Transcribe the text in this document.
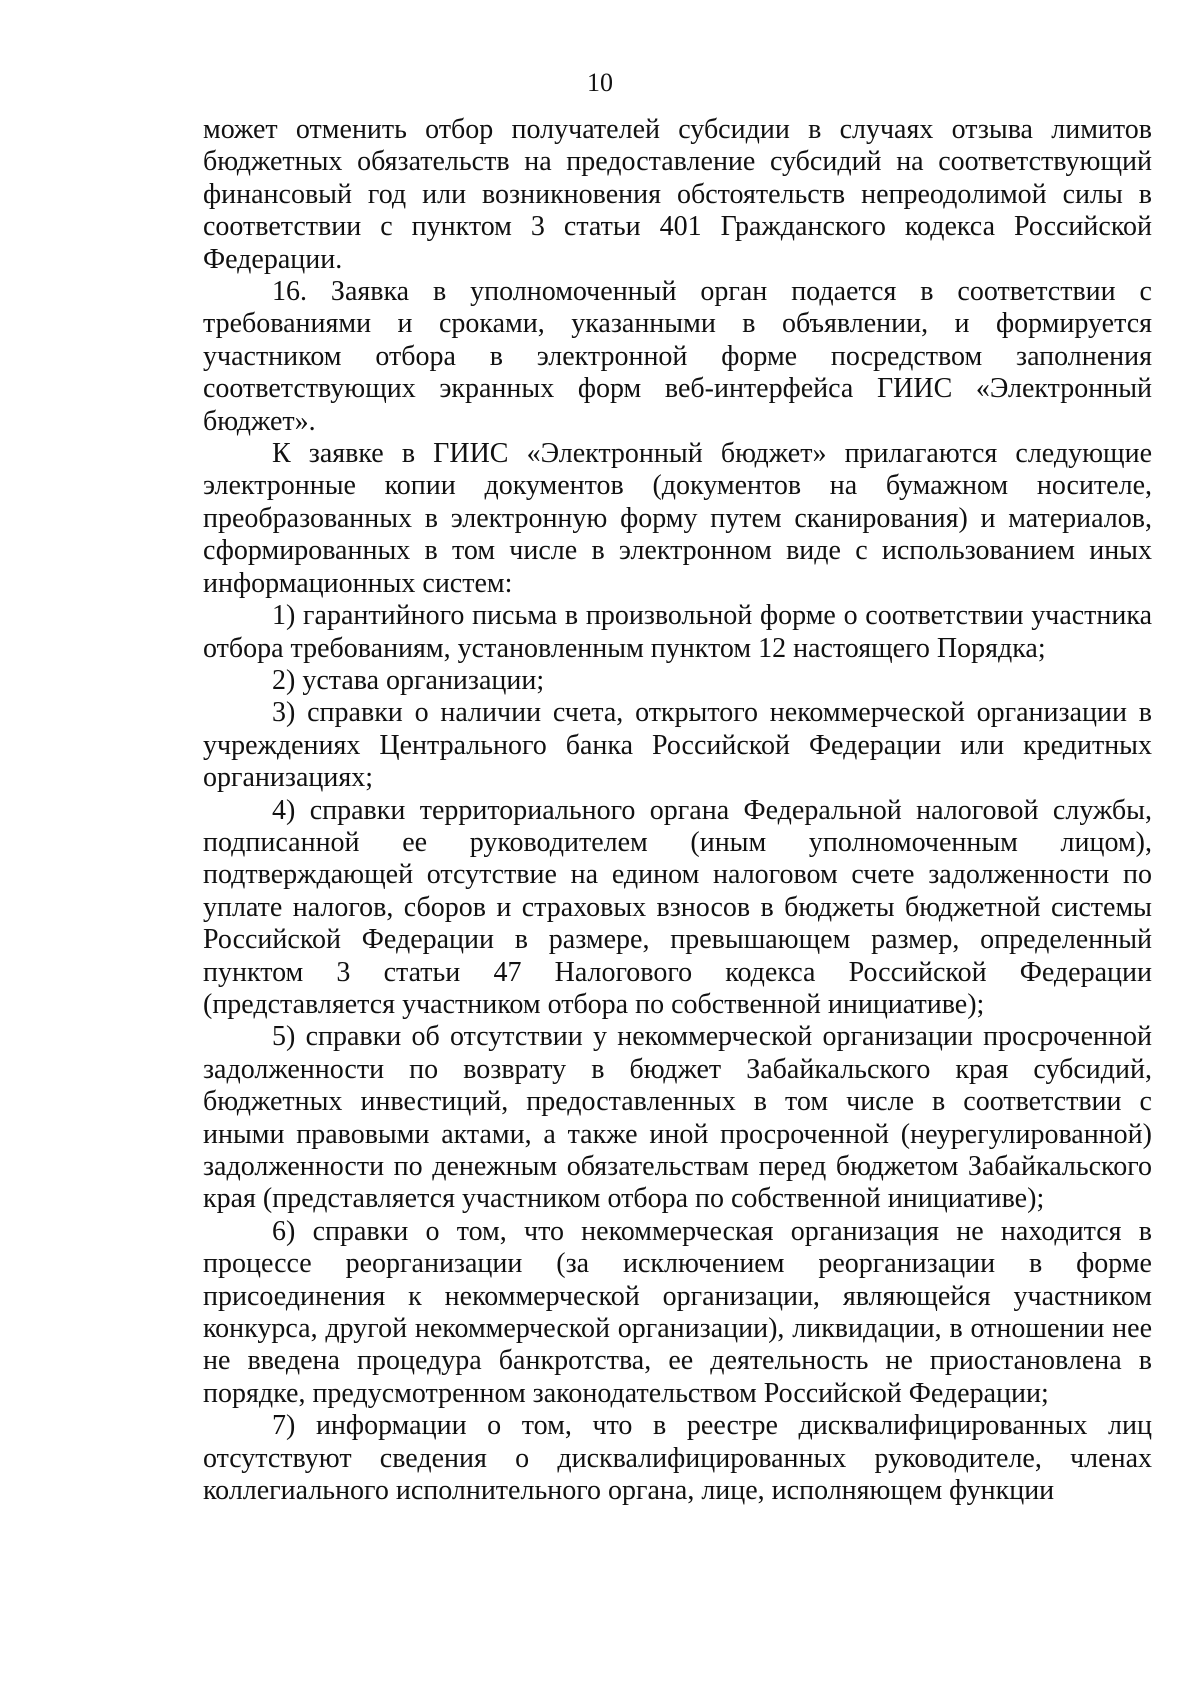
10

может отменить отбор получателей субсидии в случаях отзыва лимитов бюджетных обязательств на предоставление субсидий на соответствующий финансовый год или возникновения обстоятельств непреодолимой силы в соответствии с пунктом 3 статьи 401 Гражданского кодекса Российской Федерации.

16. Заявка в уполномоченный орган подается в соответствии с требованиями и сроками, указанными в объявлении, и формируется участником отбора в электронной форме посредством заполнения соответствующих экранных форм веб-интерфейса ГИИС «Электронный бюджет».

К заявке в ГИИС «Электронный бюджет» прилагаются следующие электронные копии документов (документов на бумажном носителе, преобразованных в электронную форму путем сканирования) и материалов, сформированных в том числе в электронном виде с использованием иных информационных систем:

1) гарантийного письма в произвольной форме о соответствии участника отбора требованиям, установленным пунктом 12 настоящего Порядка;

2) устава организации;

3) справки о наличии счета, открытого некоммерческой организации в учреждениях Центрального банка Российской Федерации или кредитных организациях;

4) справки территориального органа Федеральной налоговой службы, подписанной ее руководителем (иным уполномоченным лицом), подтверждающей отсутствие на едином налоговом счете задолженности по уплате налогов, сборов и страховых взносов в бюджеты бюджетной системы Российской Федерации в размере, превышающем размер, определенный пунктом 3 статьи 47 Налогового кодекса Российской Федерации (представляется участником отбора по собственной инициативе);

5) справки об отсутствии у некоммерческой организации просроченной задолженности по возврату в бюджет Забайкальского края субсидий, бюджетных инвестиций, предоставленных в том числе в соответствии с иными правовыми актами, а также иной просроченной (неурегулированной) задолженности по денежным обязательствам перед бюджетом Забайкальского края (представляется участником отбора по собственной инициативе);

6) справки о том, что некоммерческая организация не находится в процессе реорганизации (за исключением реорганизации в форме присоединения к некоммерческой организации, являющейся участником конкурса, другой некоммерческой организации), ликвидации, в отношении нее не введена процедура банкротства, ее деятельность не приостановлена в порядке, предусмотренном законодательством Российской Федерации;

7) информации о том, что в реестре дисквалифицированных лиц отсутствуют сведения о дисквалифицированных руководителе, членах коллегиального исполнительного органа, лице, исполняющем функции
